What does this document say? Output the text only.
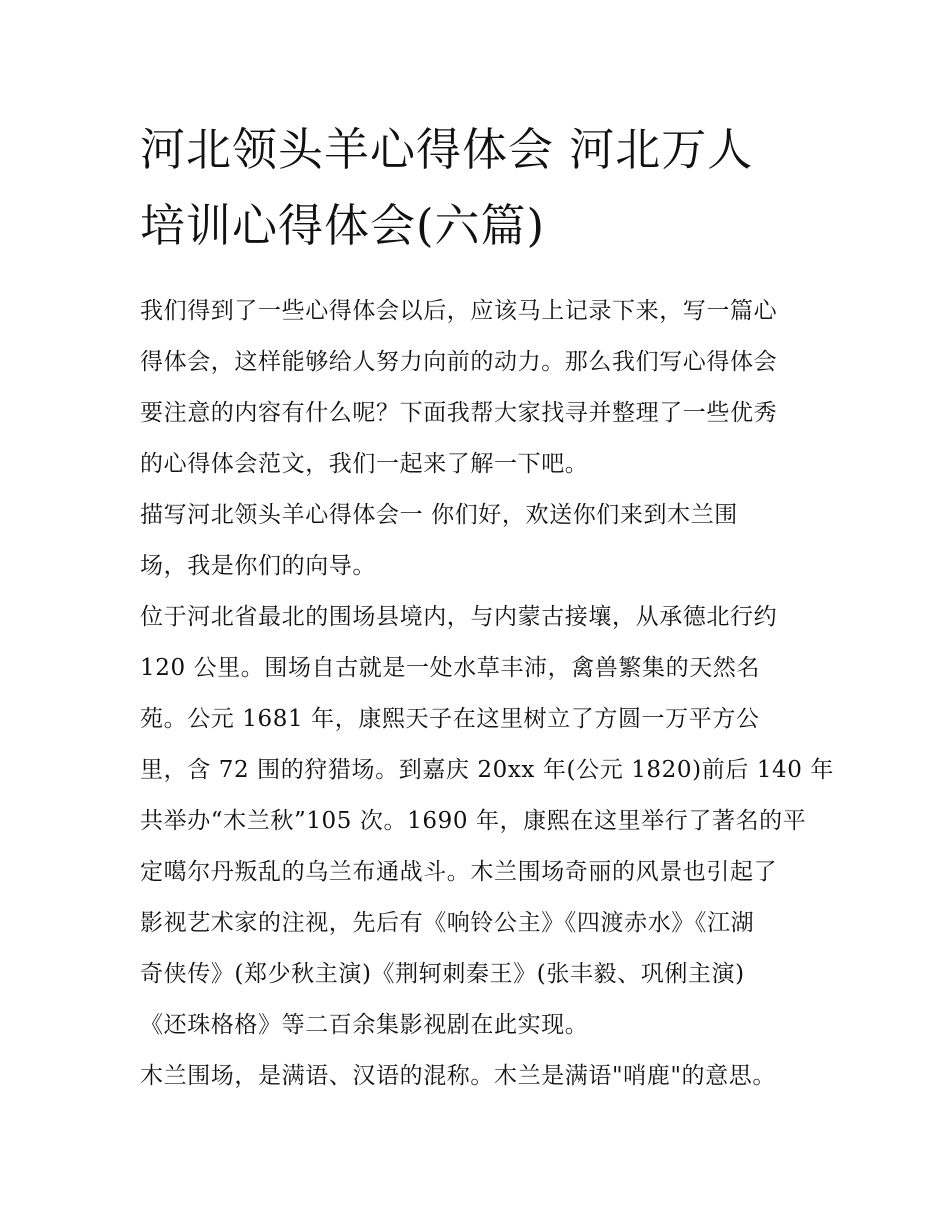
河北领头羊心得体会 河北万人
培训心得体会(六篇)

我们得到了一些心得体会以后，应该马上记录下来，写一篇心
得体会，这样能够给人努力向前的动力。那么我们写心得体会
要注意的内容有什么呢？下面我帮大家找寻并整理了一些优秀
的心得体会范文，我们一起来了解一下吧。

描写河北领头羊心得体会一 你们好，欢送你们来到木兰围
场，我是你们的向导。

位于河北省最北的围场县境内，与内蒙古接壤，从承德北行约
120 公里。围场自古就是一处水草丰沛，禽兽繁集的天然名
苑。公元 1681 年，康熙天子在这里树立了方圆一万平方公
里，含 72 围的狩猎场。到嘉庆 20xx 年(公元 1820)前后 140 年
共举办“木兰秋”105 次。1690 年，康熙在这里举行了著名的平
定噶尔丹叛乱的乌兰布通战斗。木兰围场奇丽的风景也引起了
影视艺术家的注视，先后有《响铃公主》《四渡赤水》《江湖
奇侠传》(郑少秋主演)《荆轲刺秦王》(张丰毅、巩俐主演)
《还珠格格》等二百余集影视剧在此实现。

木兰围场，是满语、汉语的混称。木兰是满语"哨鹿"的意思。
